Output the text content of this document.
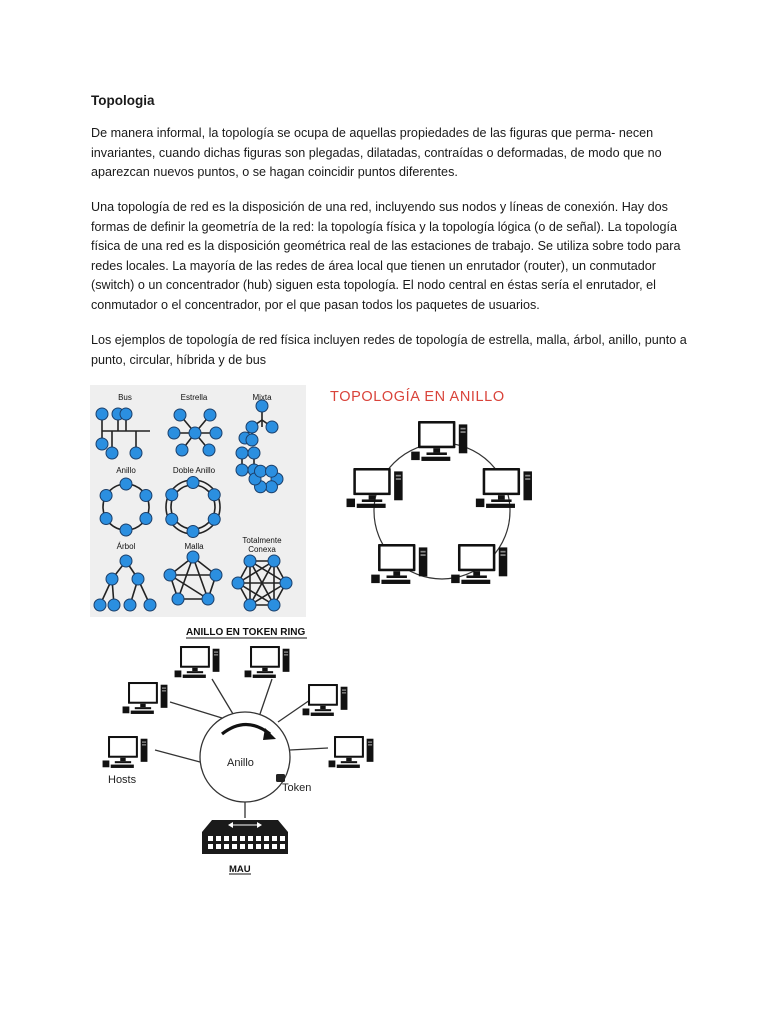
Topologia

De manera informal, la topología se ocupa de aquellas propiedades de las figuras que perma- necen invariantes, cuando dichas figuras son plegadas, dilatadas, contraídas o deformadas, de modo que no aparezcan nuevos puntos, o se hagan coincidir puntos diferentes.

Una topología de red es la disposición de una red, incluyendo sus nodos y líneas de conexión. Hay dos formas de definir la geometría de la red: la topología física y la topología lógica (o de señal). La topología física de una red es la disposición geométrica real de las estaciones de trabajo. Se utiliza sobre todo para redes locales. La mayoría de las redes de área local que tienen un enrutador (router), un conmutador (switch) o un concentrador (hub) siguen esta topología. El nodo central en éstas sería el enrutador, el conmutador o el concentrador, por el que pasan todos los paquetes de usuarios.

Los ejemplos de topología de red física incluyen redes de topología de estrella, malla, árbol, anillo, punto a punto, circular, híbrida y de bus

Bus	Estrella	Mixta
Anillo	Doble Anillo
Árbol	Malla
Totalmente
Conexa
TOPOLOGÍA EN ANILLO
ANILLO EN TOKEN RING
Anillo
Token
Hosts
MAU
